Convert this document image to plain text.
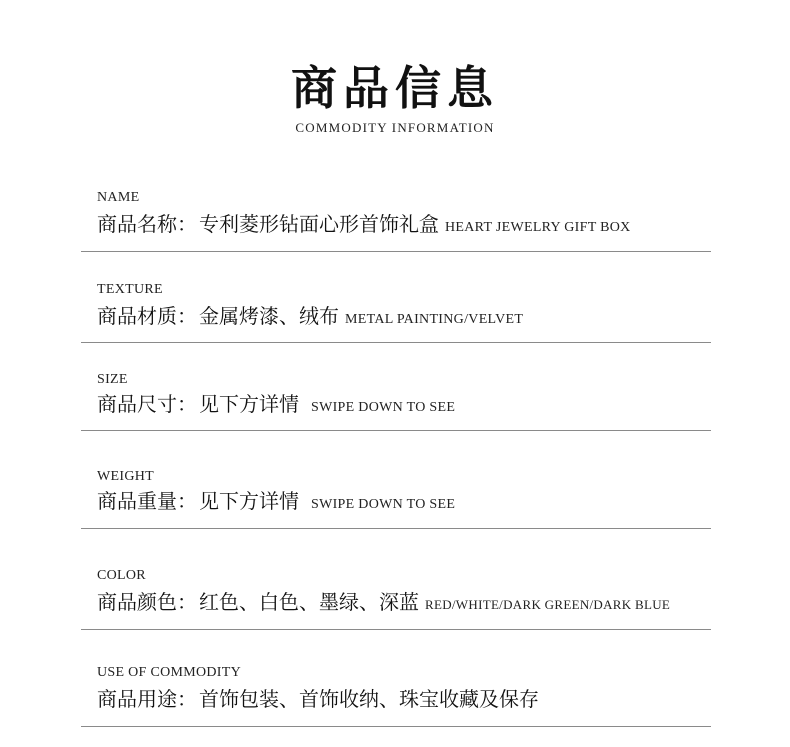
商品信息
COMMODITY INFORMATION
NAME
商品名称： 专利菱形钻面心形首饰礼盒 HEART JEWELRY GIFT BOX
TEXTURE
商品材质： 金属烤漆、绒布 METAL PAINTING/VELVET
SIZE
商品尺寸： 见下方详情 SWIPE DOWN TO SEE
WEIGHT
商品重量： 见下方详情 SWIPE DOWN TO SEE
COLOR
商品颜色： 红色、白色、墨绿、深蓝 RED/WHITE/DARK GREEN/DARK BLUE
USE OF COMMODITY
商品用途： 首饰包装、首饰收纳、珠宝收藏及保存
